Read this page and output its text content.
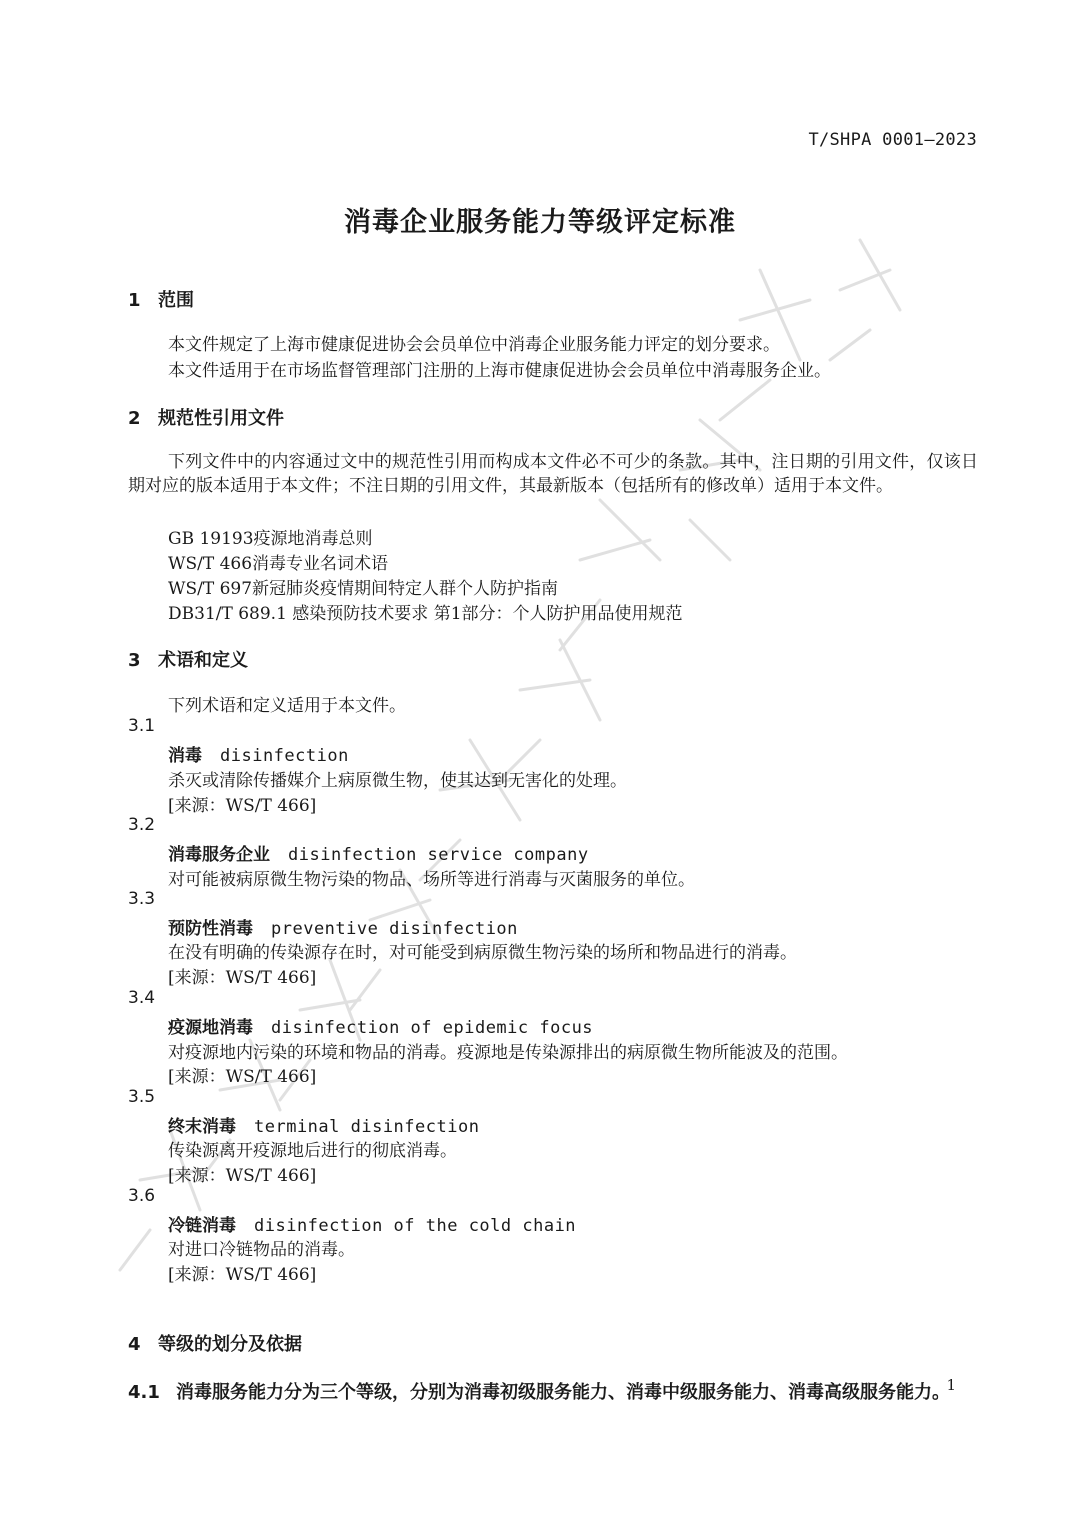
T/SHPA 0001—2023
消毒企业服务能力等级评定标准
1 范围
本文件规定了上海市健康促进协会会员单位中消毒企业服务能力评定的划分要求。
本文件适用于在市场监督管理部门注册的上海市健康促进协会会员单位中消毒服务企业。
2 规范性引用文件
下列文件中的内容通过文中的规范性引用而构成本文件必不可少的条款。其中，注日期的引用文件，仅该日期对应的版本适用于本文件；不注日期的引用文件，其最新版本（包括所有的修改单）适用于本文件。
GB 19193疫源地消毒总则
WS/T 466消毒专业名词术语
WS/T 697新冠肺炎疫情期间特定人群个人防护指南
DB31/T 689.1 感染预防技术要求 第1部分：个人防护用品使用规范
3 术语和定义
下列术语和定义适用于本文件。
3.1
消毒 disinfection
杀灭或清除传播媒介上病原微生物，使其达到无害化的处理。
[来源：WS/T 466]
3.2
消毒服务企业 disinfection service company
对可能被病原微生物污染的物品、场所等进行消毒与灭菌服务的单位。
3.3
预防性消毒 preventive disinfection
在没有明确的传染源存在时，对可能受到病原微生物污染的场所和物品进行的消毒。
[来源：WS/T 466]
3.4
疫源地消毒 disinfection of epidemic focus
对疫源地内污染的环境和物品的消毒。疫源地是传染源排出的病原微生物所能波及的范围。
[来源：WS/T 466]
3.5
终末消毒 terminal disinfection
传染源离开疫源地后进行的彻底消毒。
[来源：WS/T 466]
3.6
冷链消毒 disinfection of the cold chain
对进口冷链物品的消毒。
[来源：WS/T 466]
4 等级的划分及依据
4.1 消毒服务能力分为三个等级，分别为消毒初级服务能力、消毒中级服务能力、消毒高级服务能力。
1
